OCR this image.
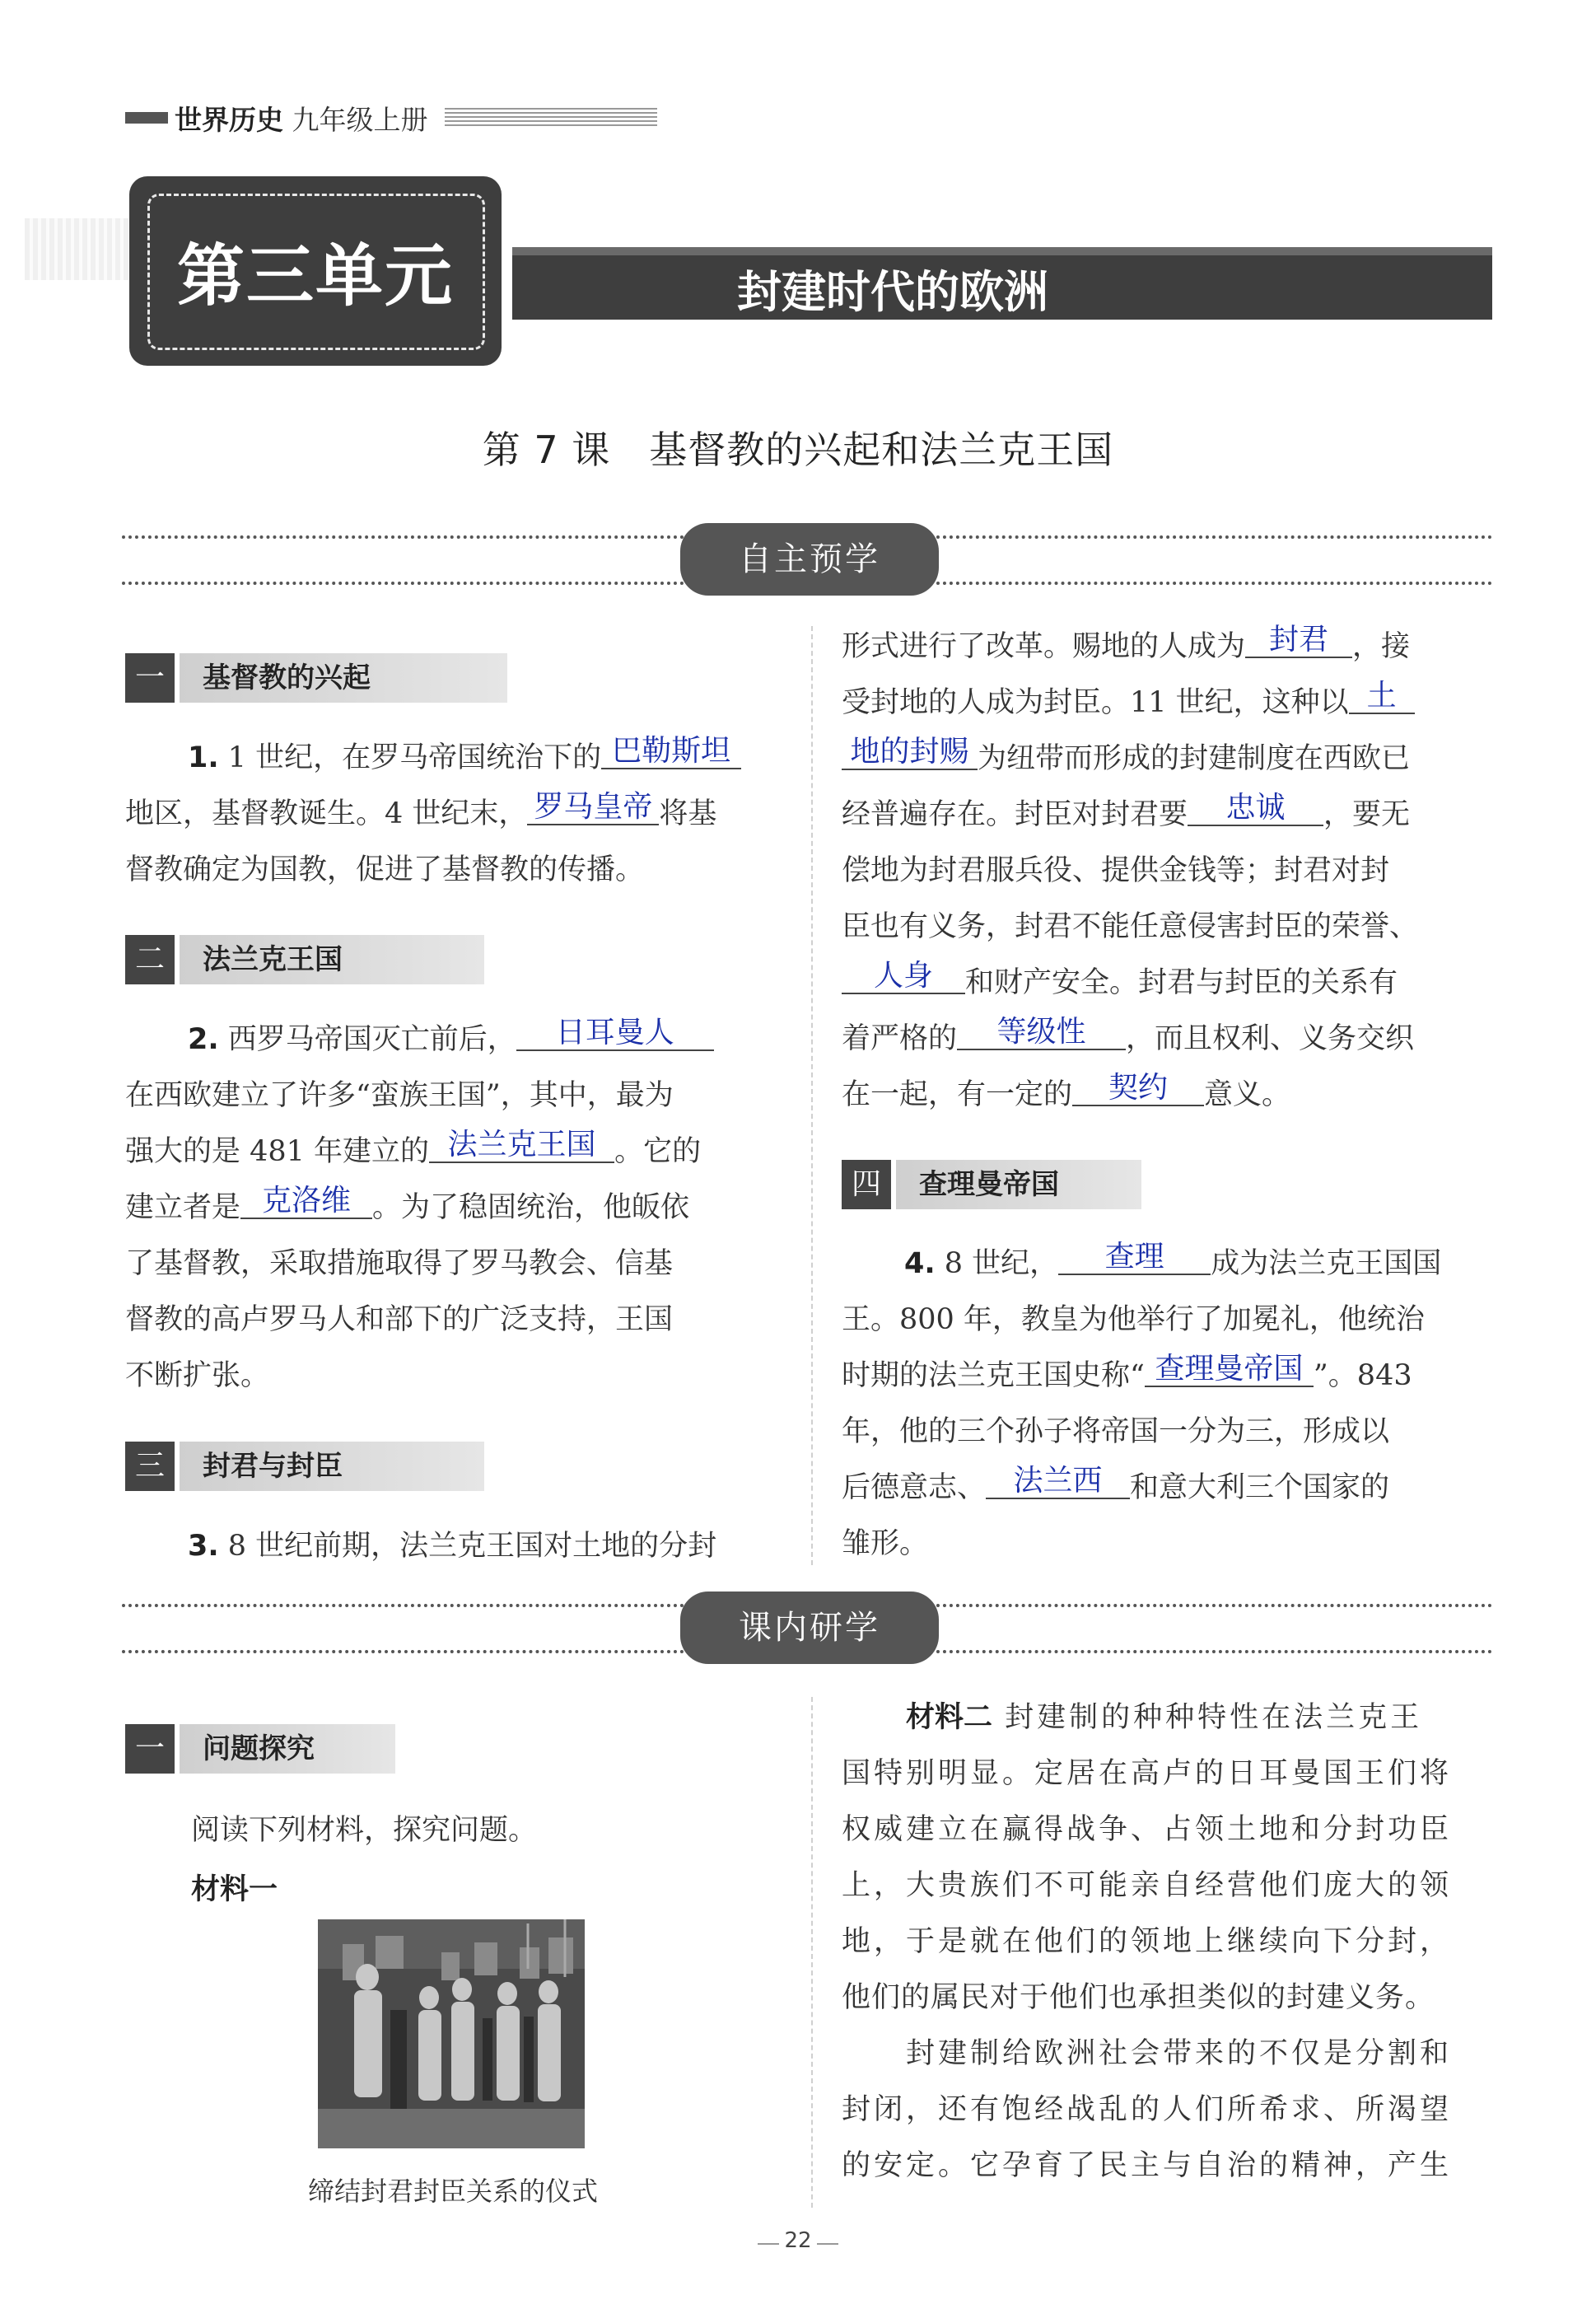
世界历史 九年级上册
封建时代的欧洲
第三单元
第 7 课　基督教的兴起和法兰克王国
自主预学
一	基督教的兴起
1. 1 世纪，在罗马帝国统治下的 巴勒斯坦
地区，基督教诞生。4 世纪末， 罗马皇帝 将基
督教确定为国教，促进了基督教的传播。
二	法兰克王国
2. 西罗马帝国灭亡前后， 日耳曼人
在西欧建立了许多“蛮族王国”，其中，最为
强大的是 481 年建立的 法兰克王国 。它的
建立者是 克洛维 。为了稳固统治，他皈依
了基督教，采取措施取得了罗马教会、信基
督教的高卢罗马人和部下的广泛支持，王国
不断扩张。
三	封君与封臣
3. 8 世纪前期，法兰克王国对土地的分封
形式进行了改革。赐地的人成为 封君 ，接
受封地的人成为封臣。11 世纪，这种以 土
地的封赐 为纽带而形成的封建制度在西欧已
经普遍存在。封臣对封君要 忠诚 ，要无
偿地为封君服兵役、提供金钱等；封君对封
臣也有义务，封君不能任意侵害封臣的荣誉、
人身 和财产安全。封君与封臣的关系有
着严格的 等级性 ，而且权利、义务交织
在一起，有一定的 契约 意义。
四	查理曼帝国
4. 8 世纪， 查理 成为法兰克王国国
王。800 年，教皇为他举行了加冕礼，他统治
时期的法兰克王国史称“ 查理曼帝国 ”。843
年，他的三个孙子将帝国一分为三，形成以
后德意志、 法兰西 和意大利三个国家的
雏形。
课内研学
一	问题探究
阅读下列材料，探究问题。
材料一
缔结封君封臣关系的仪式
材料二 封建制的种种特性在法兰克王
国特别明显。定居在高卢的日耳曼国王们将
权威建立在赢得战争、占领土地和分封功臣
上，大贵族们不可能亲自经营他们庞大的领
地，于是就在他们的领地上继续向下分封，
他们的属民对于他们也承担类似的封建义务。
封建制给欧洲社会带来的不仅是分割和
封闭，还有饱经战乱的人们所希求、所渴望
的安定。它孕育了民主与自治的精神，产生
22
